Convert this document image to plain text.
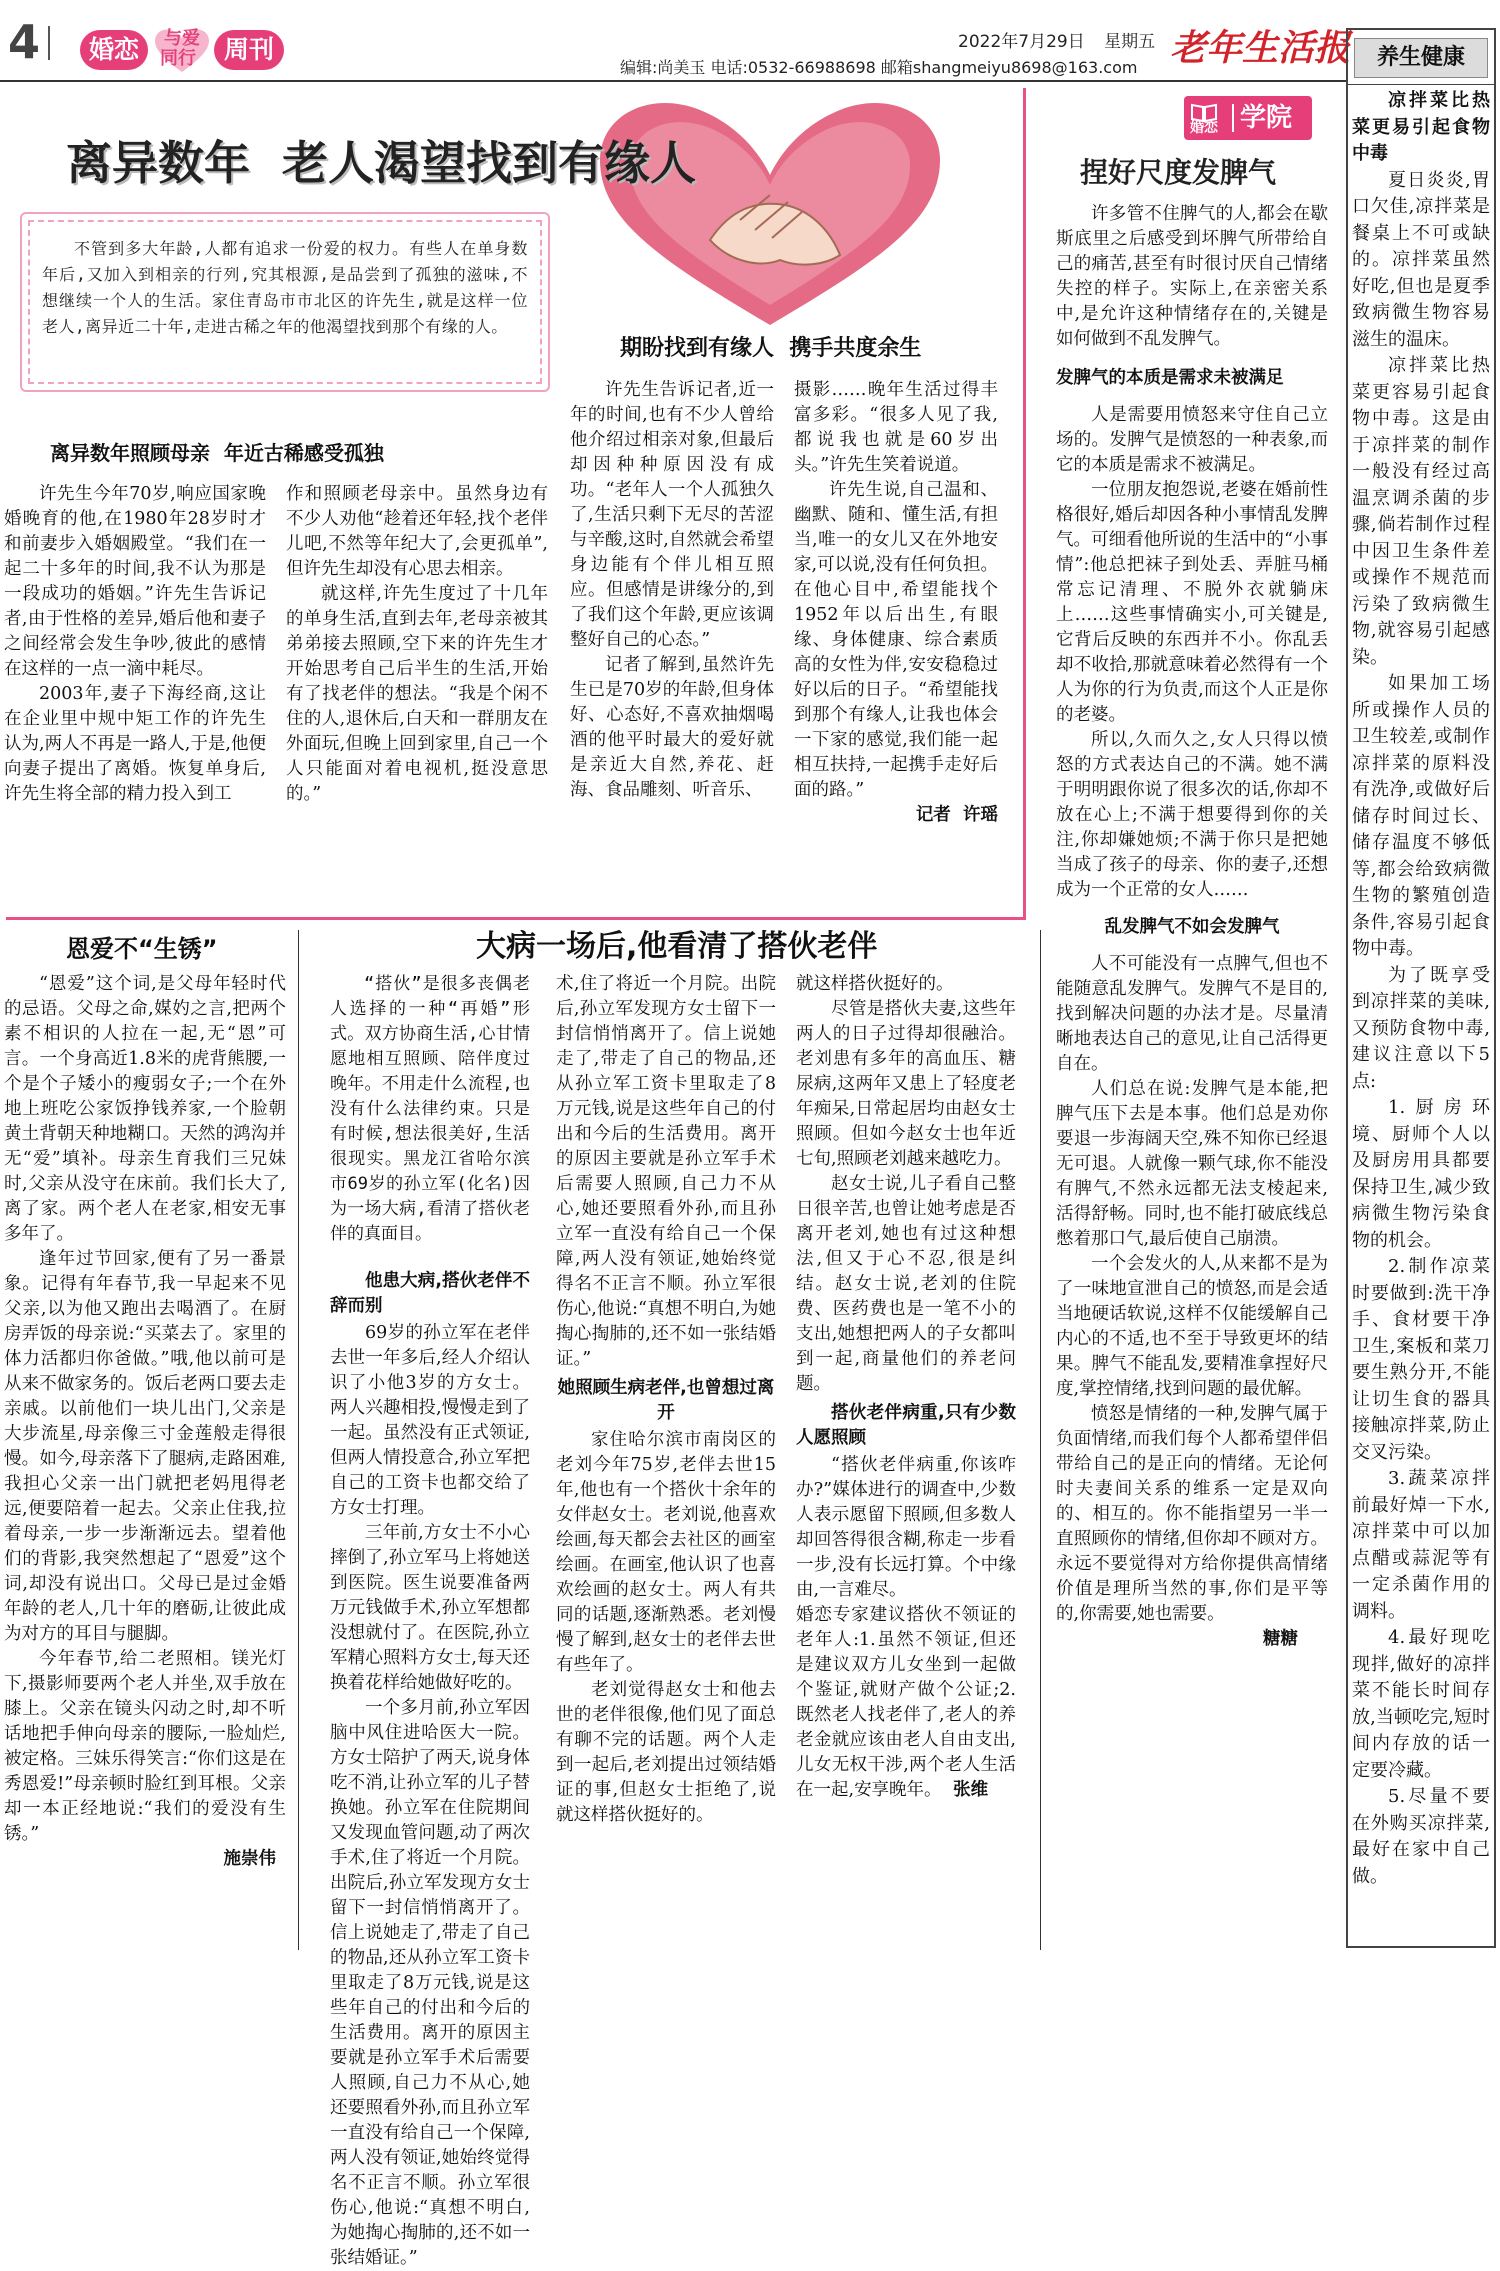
4	婚恋	与爱
同行	周刊	2022年7月29日 星期五 老年生活报
编辑:尚美玉 电话:0532-66988698 邮箱shangmeiyu8698@163.com
离异数年  老人渴望找到有缘人

不管到多大年龄,人都有追求一份爱的权力。有些人在单身数年后,又加入到相亲的行列,究其根源,是品尝到了孤独的滋味,不想继续一个人的生活。家住青岛市市北区的许先生,就是这样一位老人,离异近二十年,走进古稀之年的他渴望找到那个有缘的人。

离异数年照顾母亲  年近古稀感受孤独
期盼找到有缘人  携手共度余生

许先生今年70岁,响应国家晚婚晚育的他,在1980年28岁时才和前妻步入婚姻殿堂。“我们在一起二十多年的时间,我不认为那是一段成功的婚姻。”许先生告诉记者,由于性格的差异,婚后他和妻子之间经常会发生争吵,彼此的感情在这样的一点一滴中耗尽。

2003年,妻子下海经商,这让在企业里中规中矩工作的许先生认为,两人不再是一路人,于是,他便向妻子提出了离婚。恢复单身后,许先生将全部的精力投入到工

作和照顾老母亲中。虽然身边有不少人劝他“趁着还年轻,找个老伴儿吧,不然等年纪大了,会更孤单”,但许先生却没有心思去相亲。

就这样,许先生度过了十几年的单身生活,直到去年,老母亲被其弟弟接去照顾,空下来的许先生才开始思考自己后半生的生活,开始有了找老伴的想法。“我是个闲不住的人,退休后,白天和一群朋友在外面玩,但晚上回到家里,自己一个人只能面对着电视机,挺没意思的。”

许先生告诉记者,近一年的时间,也有不少人曾给他介绍过相亲对象,但最后却因种种原因没有成功。“老年人一个人孤独久了,生活只剩下无尽的苦涩与辛酸,这时,自然就会希望身边能有个伴儿相互照应。但感情是讲缘分的,到了我们这个年龄,更应该调整好自己的心态。”

记者了解到,虽然许先生已是70岁的年龄,但身体好、心态好,不喜欢抽烟喝酒的他平时最大的爱好就是亲近大自然,养花、赶海、食品雕刻、听音乐、

摄影……晚年生活过得丰富多彩。“很多人见了我,都说我也就是60岁出头。”许先生笑着说道。

许先生说,自己温和、幽默、随和、懂生活,有担当,唯一的女儿又在外地安家,可以说,没有任何负担。在他心目中,希望能找个1952年以后出生,有眼缘、身体健康、综合素质高的女性为伴,安安稳稳过好以后的日子。“希望能找到那个有缘人,让我也体会一下家的感觉,我们能一起相互扶持,一起携手走好后面的路。”

记者  许瑶

婚恋 学院
捏好尺度发脾气

许多管不住脾气的人,都会在歇斯底里之后感受到坏脾气所带给自己的痛苦,甚至有时很讨厌自己情绪失控的样子。实际上,在亲密关系中,是允许这种情绪存在的,关键是如何做到不乱发脾气。

发脾气的本质是需求未被满足

人是需要用愤怒来守住自己立场的。发脾气是愤怒的一种表象,而它的本质是需求不被满足。

一位朋友抱怨说,老婆在婚前性格很好,婚后却因各种小事情乱发脾气。可细看他所说的生活中的“小事情”:他总把袜子到处丢、弄脏马桶常忘记清理、不脱外衣就躺床上……这些事情确实小,可关键是,它背后反映的东西并不小。你乱丢却不收拾,那就意味着必然得有一个人为你的行为负责,而这个人正是你的老婆。

所以,久而久之,女人只得以愤怒的方式表达自己的不满。她不满于明明跟你说了很多次的话,你却不放在心上;不满于想要得到你的关注,你却嫌她烦;不满于你只是把她当成了孩子的母亲、你的妻子,还想成为一个正常的女人……

乱发脾气不如会发脾气

人不可能没有一点脾气,但也不能随意乱发脾气。发脾气不是目的,找到解决问题的办法才是。尽量清晰地表达自己的意见,让自己活得更自在。

人们总在说:发脾气是本能,把脾气压下去是本事。他们总是劝你要退一步海阔天空,殊不知你已经退无可退。人就像一颗气球,你不能没有脾气,不然永远都无法支棱起来,活得舒畅。同时,也不能打破底线总憋着那口气,最后使自己崩溃。

一个会发火的人,从来都不是为了一味地宣泄自己的愤怒,而是会适当地硬话软说,这样不仅能缓解自己内心的不适,也不至于导致更坏的结果。脾气不能乱发,要精准拿捏好尺度,掌控情绪,找到问题的最优解。

愤怒是情绪的一种,发脾气属于负面情绪,而我们每个人都希望伴侣带给自己的是正向的情绪。无论何时夫妻间关系的维系一定是双向的、相互的。你不能指望另一半一直照顾你的情绪,但你却不顾对方。永远不要觉得对方给你提供高情绪价值是理所当然的事,你们是平等的,你需要,她也需要。

糖糖

养生健康

凉拌菜比热菜更易引起食物中毒

夏日炎炎,胃口欠佳,凉拌菜是餐桌上不可或缺的。凉拌菜虽然好吃,但也是夏季致病微生物容易滋生的温床。

凉拌菜比热菜更容易引起食物中毒。这是由于凉拌菜的制作一般没有经过高温烹调杀菌的步骤,倘若制作过程中因卫生条件差或操作不规范而污染了致病微生物,就容易引起感染。

如果加工场所或操作人员的卫生较差,或制作凉拌菜的原料没有洗净,或做好后储存时间过长、储存温度不够低等,都会给致病微生物的繁殖创造条件,容易引起食物中毒。

为了既享受到凉拌菜的美味,又预防食物中毒,建议注意以下5点:

1.厨房环境、厨师个人以及厨房用具都要保持卫生,减少致病微生物污染食物的机会。

2.制作凉菜时要做到:洗干净手、食材要干净卫生,案板和菜刀要生熟分开,不能让切生食的器具接触凉拌菜,防止交叉污染。

3.蔬菜凉拌前最好焯一下水,凉拌菜中可以加点醋或蒜泥等有一定杀菌作用的调料。

4.最好现吃现拌,做好的凉拌菜不能长时间存放,当顿吃完,短时间内存放的话一定要冷藏。

5.尽量不要在外购买凉拌菜,最好在家中自己做。

恩爱不“生锈”

“恩爱”这个词,是父母年轻时代的忌语。父母之命,媒妁之言,把两个素不相识的人拉在一起,无“恩”可言。一个身高近1.8米的虎背熊腰,一个是个子矮小的瘦弱女子;一个在外地上班吃公家饭挣钱养家,一个脸朝黄土背朝天种地糊口。天然的鸿沟并无“爱”填补。母亲生育我们三兄妹时,父亲从没守在床前。我们长大了,离了家。两个老人在老家,相安无事多年了。

逢年过节回家,便有了另一番景象。记得有年春节,我一早起来不见父亲,以为他又跑出去喝酒了。在厨房弄饭的母亲说:“买菜去了。家里的体力活都归你爸做。”哦,他以前可是从来不做家务的。饭后老两口要去走亲戚。以前他们一块儿出门,父亲是大步流星,母亲像三寸金莲般走得很慢。如今,母亲落下了腿病,走路困难,我担心父亲一出门就把老妈甩得老远,便要陪着一起去。父亲止住我,拉着母亲,一步一步渐渐远去。望着他们的背影,我突然想起了“恩爱”这个词,却没有说出口。父母已是过金婚年龄的老人,几十年的磨砺,让彼此成为对方的耳目与腿脚。

今年春节,给二老照相。镁光灯下,摄影师要两个老人并坐,双手放在膝上。父亲在镜头闪动之时,却不听话地把手伸向母亲的腰际,一脸灿烂,被定格。三妹乐得笑言:“你们这是在秀恩爱!”母亲顿时脸红到耳根。父亲却一本正经地说:“我们的爱没有生锈。”

施崇伟

大病一场后,他看清了搭伙老伴

“搭伙”是很多丧偶老人选择的一种“再婚”形式。双方协商生活,心甘情愿地相互照顾、陪伴度过晚年。不用走什么流程,也没有什么法律约束。只是有时候,想法很美好,生活很现实。黑龙江省哈尔滨市69岁的孙立军(化名)因为一场大病,看清了搭伙老伴的真面目。

他患大病,搭伙老伴不辞而别

69岁的孙立军在老伴去世一年多后,经人介绍认识了小他3岁的方女士。两人兴趣相投,慢慢走到了一起。虽然没有正式领证,但两人情投意合,孙立军把自己的工资卡也都交给了方女士打理。

三年前,方女士不小心摔倒了,孙立军马上将她送到医院。医生说要准备两万元钱做手术,孙立军想都没想就付了。在医院,孙立军精心照料方女士,每天还换着花样给她做好吃的。

一个多月前,孙立军因脑中风住进哈医大一院。方女士陪护了两天,说身体吃不消,让孙立军的儿子替换她。孙立军在住院期间又发现血管问题,动了两次手术,住了将近一个月院。出院后,孙立军发现方女士留下一封信悄悄离开了。信上说她走了,带走了自己的物品,还从孙立军工资卡里取走了8万元钱,说是这些年自己的付出和今后的生活费用。离开的原因主要就是孙立军手术后需要人照顾,自己力不从心,她还要照看外孙,而且孙立军一直没有给自己一个保障,两人没有领证,她始终觉得名不正言不顺。孙立军很伤心,他说:“真想不明白,为她掏心掏肺的,还不如一张结婚证。”

术,住了将近一个月院。出院后,孙立军发现方女士留下一封信悄悄离开了。信上说她走了,带走了自己的物品,还从孙立军工资卡里取走了8万元钱,说是这些年自己的付出和今后的生活费用。离开的原因主要就是孙立军手术后需要人照顾,自己力不从心,她还要照看外孙,而且孙立军一直没有给自己一个保障,两人没有领证,她始终觉得名不正言不顺。孙立军很伤心,他说:“真想不明白,为她掏心掏肺的,还不如一张结婚证。”

她照顾生病老伴,也曾想过离开

家住哈尔滨市南岗区的老刘今年75岁,老伴去世15年,他也有一个搭伙十余年的女伴赵女士。老刘说,他喜欢绘画,每天都会去社区的画室绘画。在画室,他认识了也喜欢绘画的赵女士。两人有共同的话题,逐渐熟悉。老刘慢慢了解到,赵女士的老伴去世有些年了。

老刘觉得赵女士和他去世的老伴很像,他们见了面总有聊不完的话题。两个人走到一起后,老刘提出过领结婚证的事,但赵女士拒绝了,说就这样搭伙挺好的。

就这样搭伙挺好的。

尽管是搭伙夫妻,这些年两人的日子过得却很融洽。老刘患有多年的高血压、糖尿病,这两年又患上了轻度老年痴呆,日常起居均由赵女士照顾。但如今赵女士也年近七旬,照顾老刘越来越吃力。

赵女士说,儿子看自己整日很辛苦,也曾让她考虑是否离开老刘,她也有过这种想法,但又于心不忍,很是纠结。赵女士说,老刘的住院费、医药费也是一笔不小的支出,她想把两人的子女都叫到一起,商量他们的养老问题。

搭伙老伴病重,只有少数人愿照顾

“搭伙老伴病重,你该咋办?”媒体进行的调查中,少数人表示愿留下照顾,但多数人却回答得很含糊,称走一步看一步,没有长远打算。个中缘由,一言难尽。

婚恋专家建议搭伙不领证的老年人:1.虽然不领证,但还是建议双方儿女坐到一起做个鉴证,就财产做个公证;2.既然老人找老伴了,老人的养老金就应该由老人自由支出,儿女无权干涉,两个老人生活在一起,安享晚年。 张维
